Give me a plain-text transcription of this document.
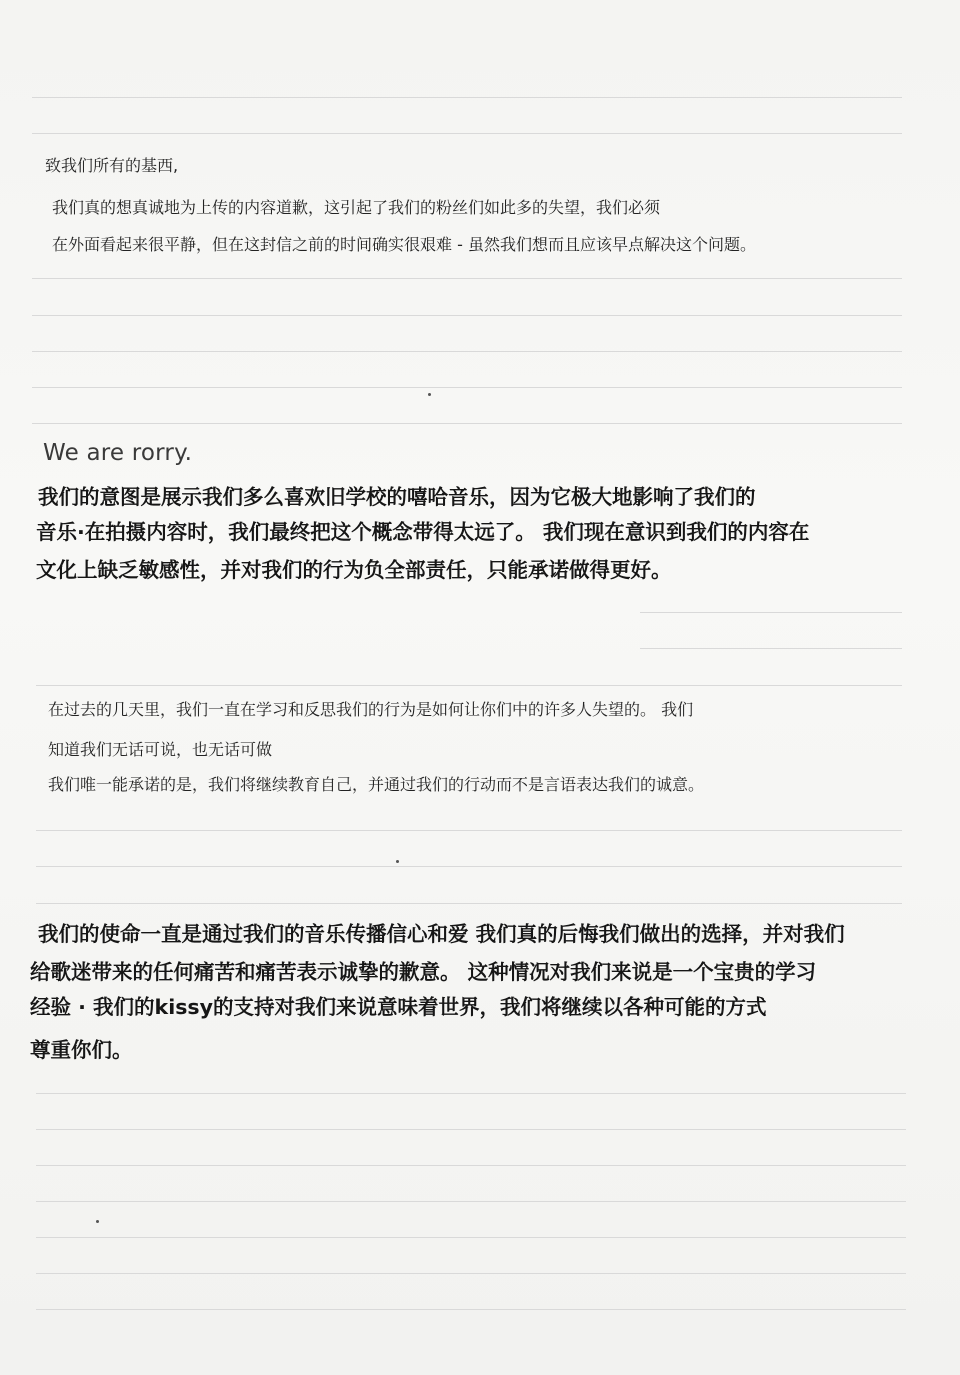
致我们所有的基西,

我们真的想真诚地为上传的内容道歉，这引起了我们的粉丝们如此多的失望，我们必须

在外面看起来很平静，但在这封信之前的时间确实很艰难 - 虽然我们想而且应该早点解决这个问题。

We are rorry.

我们的意图是展示我们多么喜欢旧学校的嘻哈音乐，因为它极大地影响了我们的

音乐·在拍摄内容时，我们最终把这个概念带得太远了。 我们现在意识到我们的内容在

文化上缺乏敏感性，并对我们的行为负全部责任，只能承诺做得更好。

在过去的几天里，我们一直在学习和反思我们的行为是如何让你们中的许多人失望的。 我们

知道我们无话可说，也无话可做

我们唯一能承诺的是，我们将继续教育自己，并通过我们的行动而不是言语表达我们的诚意。

我们的使命一直是通过我们的音乐传播信心和爱 我们真的后悔我们做出的选择，并对我们

给歌迷带来的任何痛苦和痛苦表示诚挚的歉意。 这种情况对我们来说是一个宝贵的学习

经验 · 我们的kissy的支持对我们来说意味着世界，我们将继续以各种可能的方式

尊重你们。
